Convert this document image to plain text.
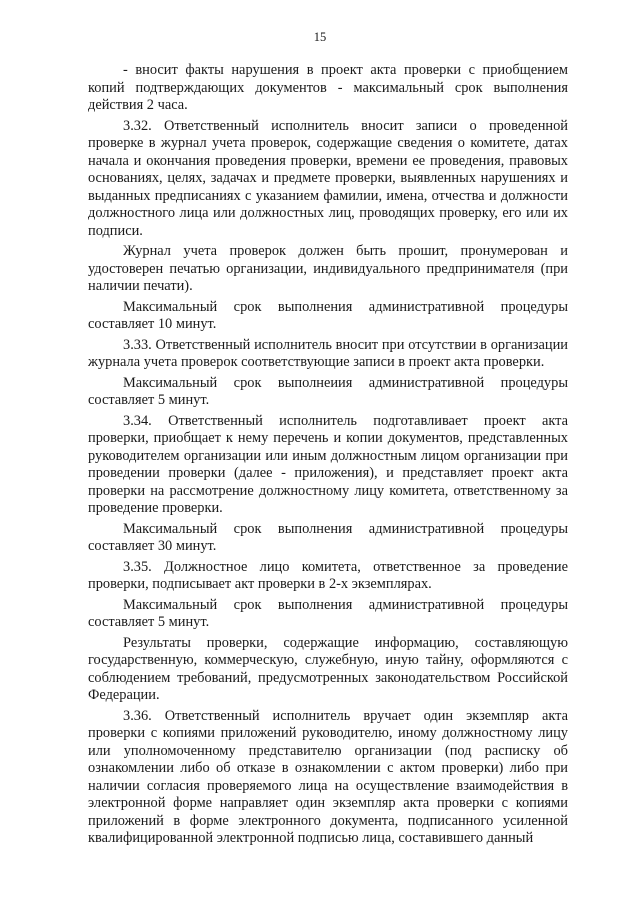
15

- вносит факты нарушения в проект акта проверки с приобщением копий подтверждающих документов - максимальный срок выполнения действия 2 часа.

3.32. Ответственный исполнитель вносит записи о проведенной проверке в журнал учета проверок, содержащие сведения о комитете, датах начала и окончания проведения проверки, времени ее проведения, правовых основаниях, целях, задачах и предмете проверки, выявленных нарушениях и выданных предписаниях с указанием фамилии, имена, отчества и должности должностного лица или должностных лиц, проводящих проверку, его или их подписи.

Журнал учета проверок должен быть прошит, пронумерован и удостоверен печатью организации, индивидуального предпринимателя (при наличии печати).

Максимальный срок выполнения административной процедуры составляет 10 минут.

3.33. Ответственный исполнитель вносит при отсутствии в организации журнала учета проверок соответствующие записи в проект акта проверки.

Максимальный срок выполнеиия административной процедуры составляет 5 минут.

3.34. Ответственный исполнитель подготавливает проект акта проверки, приобщает к нему перечень и копии документов, представленных руководителем организации или иным должностным лицом организации при проведении проверки (далее - приложения), и представляет проект акта проверки на рассмотрение должностному лицу комитета, ответственному за проведение проверки.

Максимальный срок выполнения административной процедуры составляет 30 минут.

3.35. Должностное лицо комитета, ответственное за проведение проверки, подписывает акт проверки в 2-х экземплярах.

Максимальный срок выполнения административной процедуры составляет 5 минут.

Результаты проверки, содержащие информацию, составляющую государственную, коммерческую, служебную, иную тайну, оформляются с соблюдением требований, предусмотренных законодательством Российской Федерации.

3.36. Ответственный исполнитель вручает один экземпляр акта проверки с копиями приложений руководителю, иному должностному лицу или уполномоченному представителю организации (под расписку об ознакомлении либо об отказе в ознакомлении с актом проверки) либо при наличии согласия проверяемого лица на осуществление взаимодействия в электронной форме направляет один экземпляр акта проверки с копиями приложений в форме электронного документа, подписанного усиленной квалифицированной электронной подписью лица, составившего данный
